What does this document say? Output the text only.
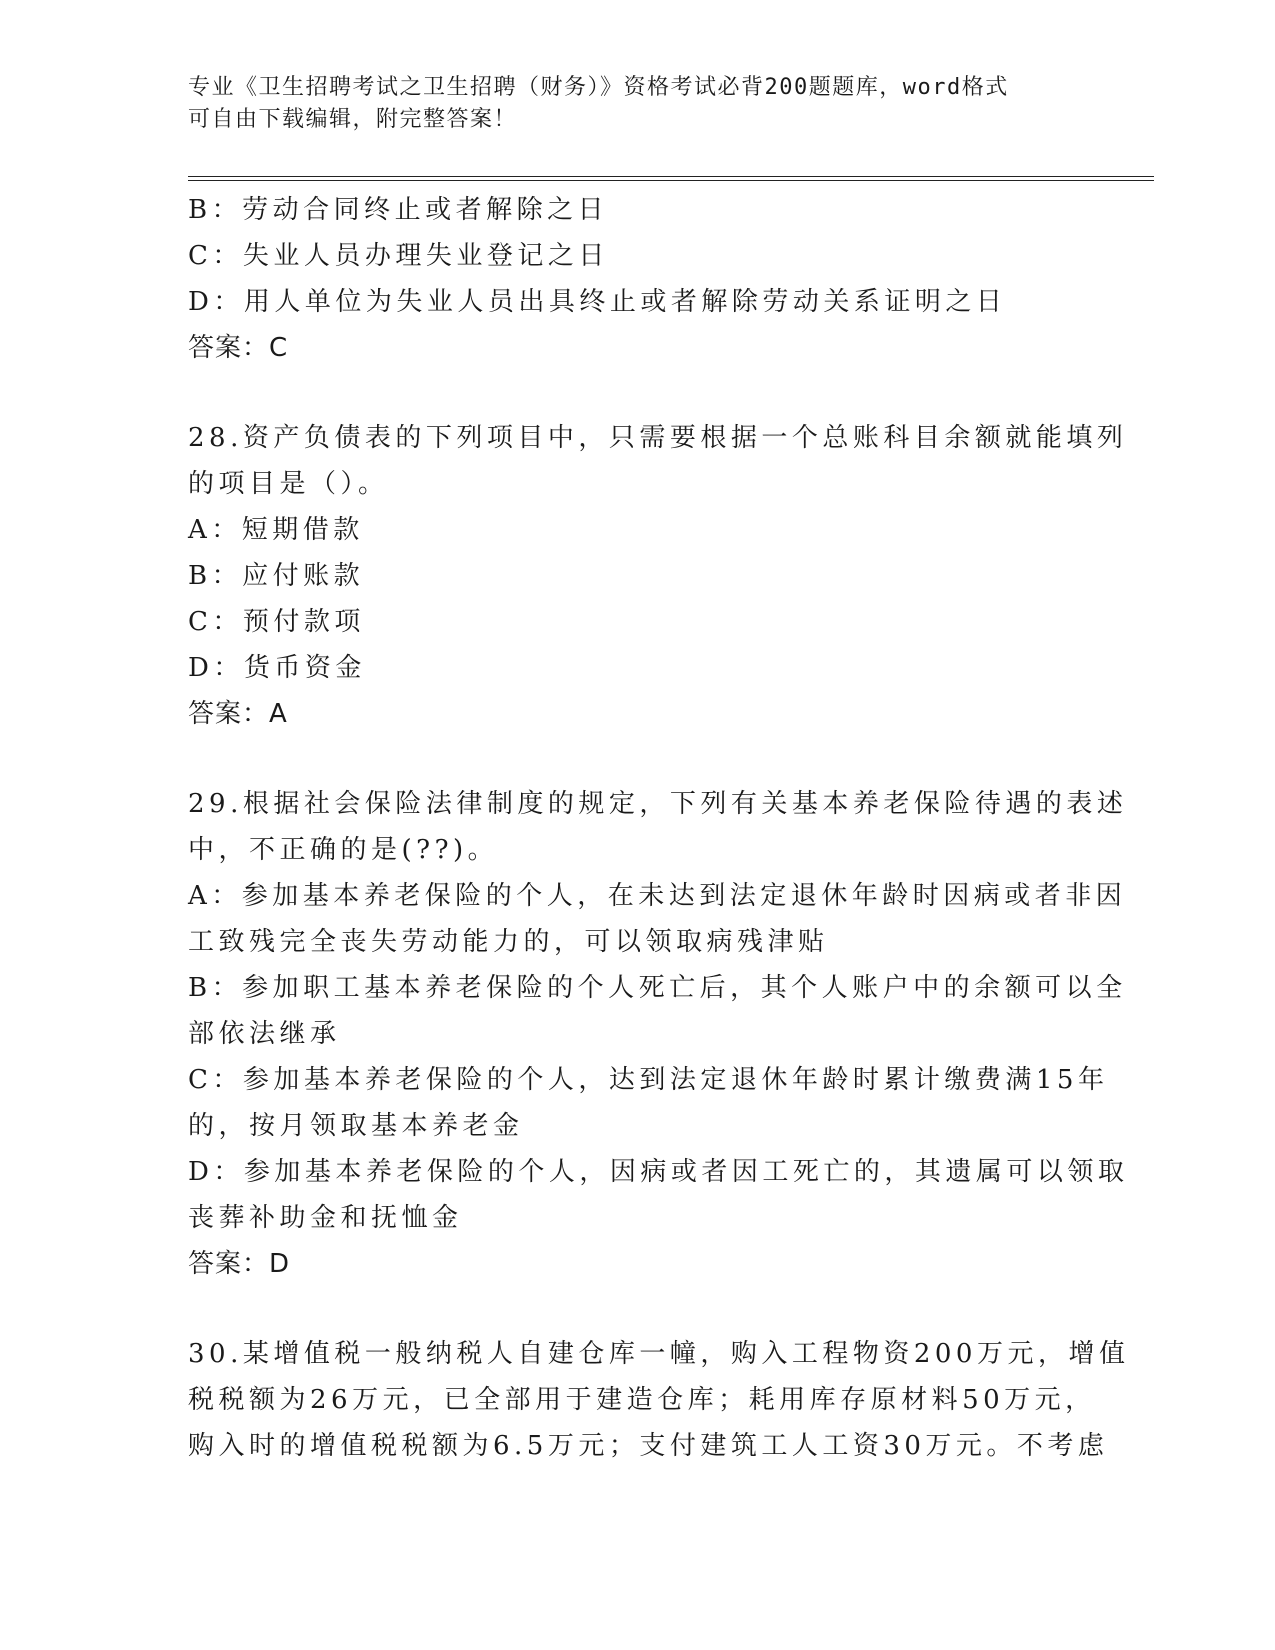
专业《卫生招聘考试之卫生招聘（财务）》资格考试必背200题题库，word格式
可自由下载编辑，附完整答案！
B：劳动合同终止或者解除之日
C：失业人员办理失业登记之日
D：用人单位为失业人员出具终止或者解除劳动关系证明之日
答案：C
28.资产负债表的下列项目中，只需要根据一个总账科目余额就能填列
的项目是（）。
A：短期借款
B：应付账款
C：预付款项
D：货币资金
答案：A
29.根据社会保险法律制度的规定，下列有关基本养老保险待遇的表述
中，不正确的是(??)。
A：参加基本养老保险的个人，在未达到法定退休年龄时因病或者非因
工致残完全丧失劳动能力的，可以领取病残津贴
B：参加职工基本养老保险的个人死亡后，其个人账户中的余额可以全
部依法继承
C：参加基本养老保险的个人，达到法定退休年龄时累计缴费满15年
的，按月领取基本养老金
D：参加基本养老保险的个人，因病或者因工死亡的，其遗属可以领取
丧葬补助金和抚恤金
答案：D
30.某增值税一般纳税人自建仓库一幢，购入工程物资200万元，增值
税税额为26万元，已全部用于建造仓库；耗用库存原材料50万元，
购入时的增值税税额为6.5万元；支付建筑工人工资30万元。不考虑
